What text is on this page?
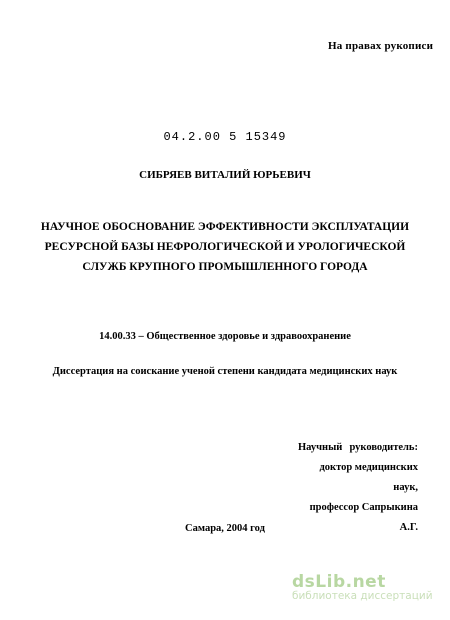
На правах рукописи
04.2.00 5 15349
СИБРЯЕВ ВИТАЛИЙ ЮРЬЕВИЧ
НАУЧНОЕ ОБОСНОВАНИЕ ЭФФЕКТИВНОСТИ ЭКСПЛУАТАЦИИ
РЕСУРСНОЙ БАЗЫ НЕФРОЛОГИЧЕСКОЙ И УРОЛОГИЧЕСКОЙ
СЛУЖБ КРУПНОГО ПРОМЫШЛЕННОГО ГОРОДА
14.00.33 – Общественное здоровье и здравоохранение
Диссертация на соискание ученой степени кандидата медицинских наук
Научный руководитель:
доктор медицинских наук,
профессор Сапрыкина А.Г.
Самара, 2004 год
dsLib.net
библиотека диссертаций
